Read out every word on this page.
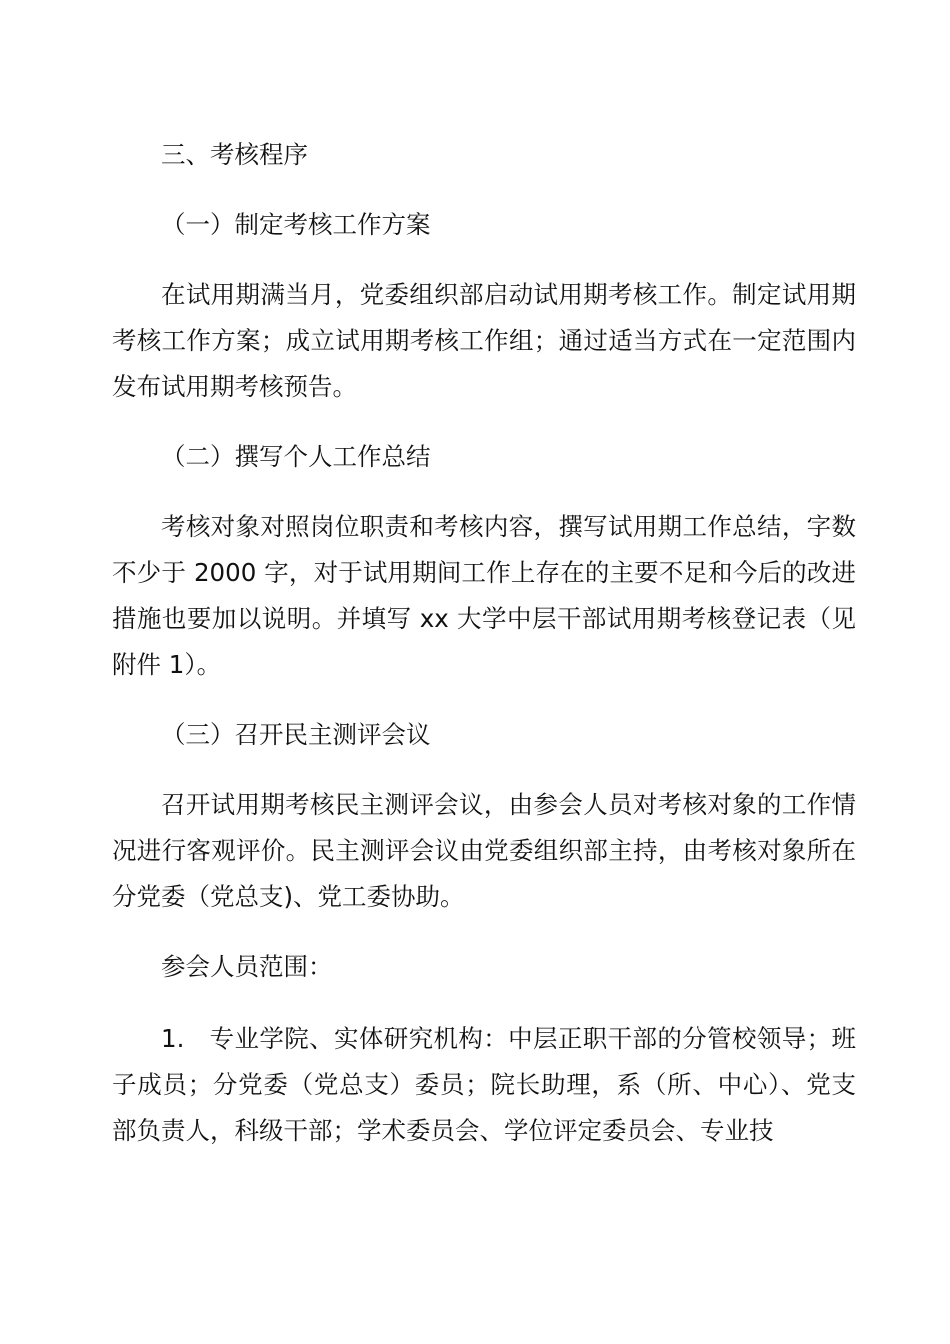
三、考核程序

（一）制定考核工作方案

在试用期满当月，党委组织部启动试用期考核工作。制定试用期考核工作方案；成立试用期考核工作组；通过适当方式在一定范围内发布试用期考核预告。

（二）撰写个人工作总结

考核对象对照岗位职责和考核内容，撰写试用期工作总结，字数不少于 2000 字，对于试用期间工作上存在的主要不足和今后的改进措施也要加以说明。并填写 xx 大学中层干部试用期考核登记表（见附件 1）。

（三）召开民主测评会议

召开试用期考核民主测评会议，由参会人员对考核对象的工作情况进行客观评价。民主测评会议由党委组织部主持，由考核对象所在分党委（党总支)、党工委协助。

参会人员范围：

1.　专业学院、实体研究机构：中层正职干部的分管校领导；班子成员；分党委（党总支）委员；院长助理，系（所、中心）、党支部负责人，科级干部；学术委员会、学位评定委员会、专业技
